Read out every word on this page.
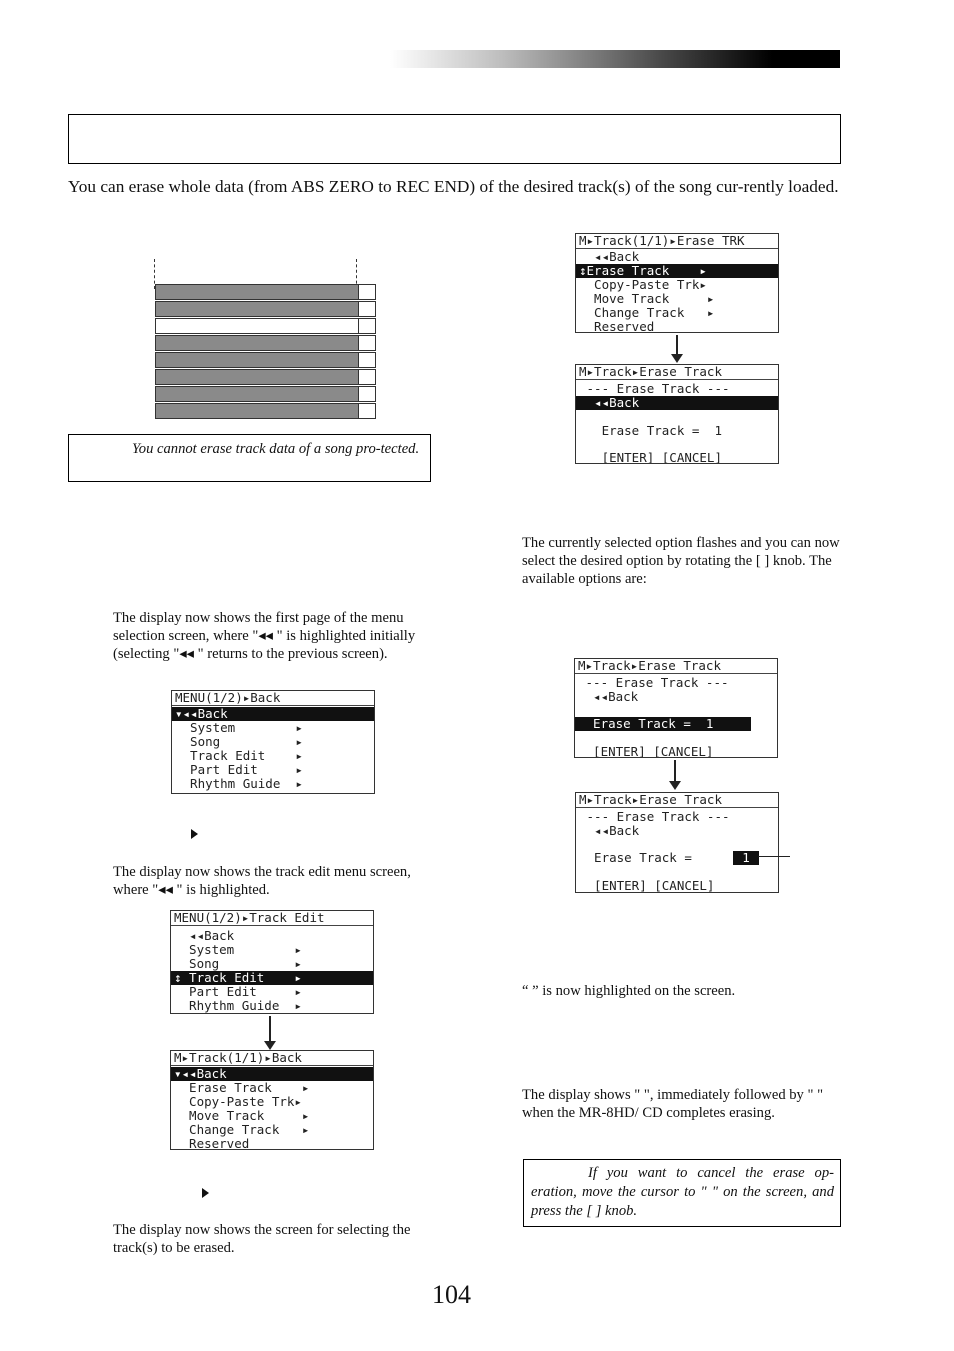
You can erase whole data (from ABS ZERO to REC END) of the desired track(s) of the song cur-rently loaded.
You cannot erase track data of a song pro-tected.
The display now shows the first page of the menu selection screen, where "◂◂ " is highlighted initially (selecting "◂◂ " returns to the previous screen).
MENU(1/2)▸Back
▾◂◂Back
System        ▸
Song          ▸
Track Edit    ▸
Part Edit     ▸
Rhythm Guide  ▸
The display now shows the track edit menu screen, where "◂◂ " is highlighted.
MENU(1/2)▸Track Edit
◂◂Back
System        ▸
Song          ▸
↕ Track Edit    ▸
Part Edit     ▸
Rhythm Guide  ▸
M▸Track(1/1)▸Back
▾◂◂Back
Erase Track    ▸
Copy-Paste Trk▸
Move Track     ▸
Change Track   ▸
Reserved
The display now shows the screen for selecting the track(s) to be erased.
M▸Track(1/1)▸Erase TRK
◂◂Back
↕Erase Track    ▸
Copy-Paste Trk▸
Move Track     ▸
Change Track   ▸
Reserved
M▸Track▸Erase Track
--- Erase Track ---
◂◂Back
Erase Track =  1
[ENTER] [CANCEL]
The currently selected option flashes and you can now select the desired option by rotating the [ ] knob. The available options are:
M▸Track▸Erase Track
--- Erase Track ---
◂◂Back
Erase Track =  1
[ENTER] [CANCEL]
M▸Track▸Erase Track
--- Erase Track ---
◂◂Back
Erase Track =	1
[ENTER] [CANCEL]
“ ” is now highlighted on the screen.
The display shows " ", immediately followed by " " when the MR-8HD/ CD completes erasing.
If you want to cancel the erase op-eration, move the cursor to " " on the screen, and press the [ ] knob.
104
